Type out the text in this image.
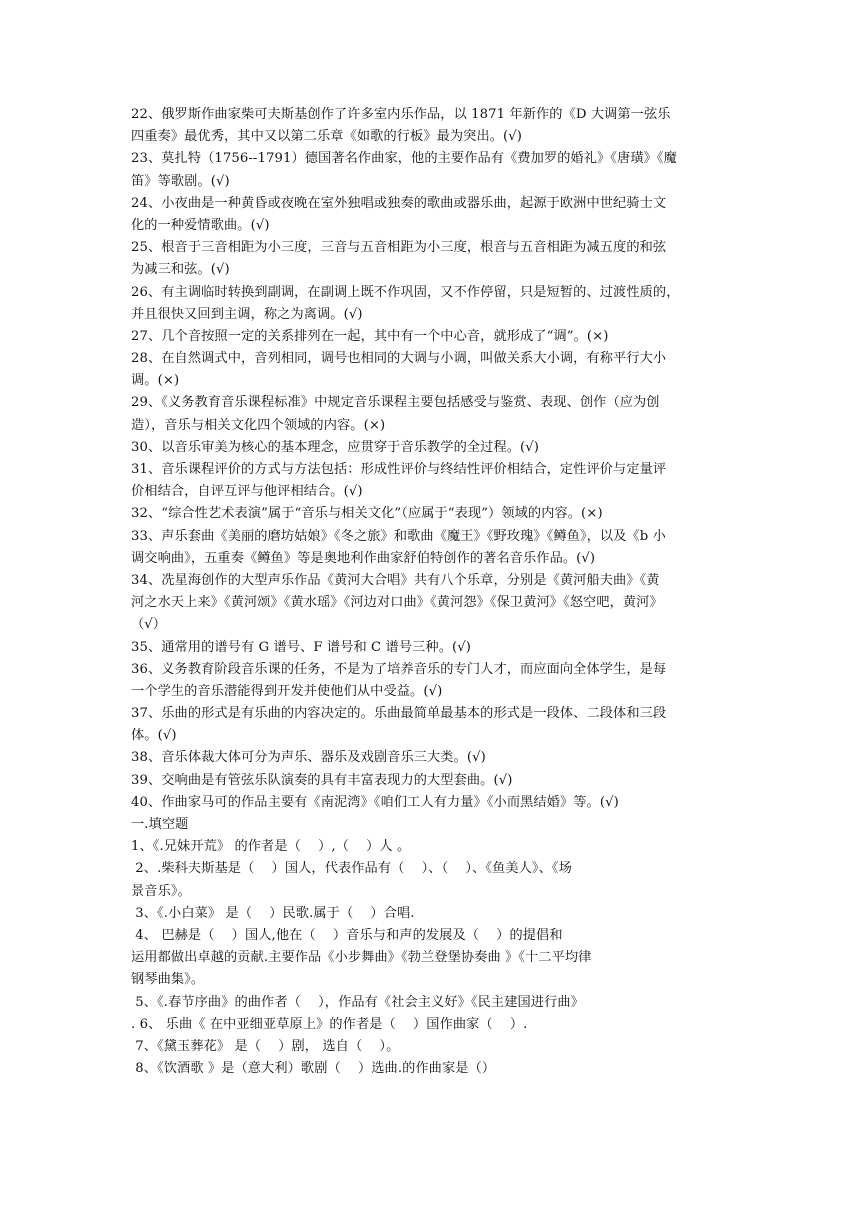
22、俄罗斯作曲家柴可夫斯基创作了许多室内乐作品，以 1871 年新作的《D 大调第一弦乐
四重奏》最优秀，其中又以第二乐章《如歌的行板》最为突出。(√)
23、莫扎特（1756--1791）德国著名作曲家，他的主要作品有《费加罗的婚礼》《唐璜》《魔
笛》等歌剧。(√)
24、小夜曲是一种黄昏或夜晚在室外独唱或独奏的歌曲或器乐曲，起源于欧洲中世纪骑士文
化的一种爱情歌曲。(√)
25、根音于三音相距为小三度，三音与五音相距为小三度，根音与五音相距为减五度的和弦
为减三和弦。(√)
26、有主调临时转换到副调，在副调上既不作巩固，又不作停留，只是短暂的、过渡性质的，
并且很快又回到主调，称之为离调。(√)
27、几个音按照一定的关系排列在一起，其中有一个中心音，就形成了“调”。(×)
28、在自然调式中，音列相同，调号也相同的大调与小调，叫做关系大小调，有称平行大小
调。(×)
29、《义务教育音乐课程标准》中规定音乐课程主要包括感受与鉴赏、表现、创作（应为创
造），音乐与相关文化四个领域的内容。(×)
30、以音乐审美为核心的基本理念，应贯穿于音乐教学的全过程。(√)
31、音乐课程评价的方式与方法包括：形成性评价与终结性评价相结合，定性评价与定量评
价相结合，自评互评与他评相结合。(√)
32、“综合性艺术表演”属于“音乐与相关文化”（应属于“表现”）领域的内容。(×)
33、声乐套曲《美丽的磨坊姑娘》《冬之旅》和歌曲《魔王》《野玫瑰》《鳟鱼》，以及《b 小
调交响曲》，五重奏《鳟鱼》等是奥地利作曲家舒伯特创作的著名音乐作品。(√)
34、冼星海创作的大型声乐作品《黄河大合唱》共有八个乐章，分别是《黄河船夫曲》《黄
河之水天上来》《黄河颂》《黄水瑶》《河边对口曲》《黄河怨》《保卫黄河》《怒空吧，黄河》
（√）
35、通常用的谱号有 G 谱号、F 谱号和 C 谱号三种。(√)
36、义务教育阶段音乐课的任务，不是为了培养音乐的专门人才，而应面向全体学生，是每
一个学生的音乐潜能得到开发并使他们从中受益。(√)
37、乐曲的形式是有乐曲的内容决定的。乐曲最简单最基本的形式是一段体、二段体和三段
体。(√)
38、音乐体裁大体可分为声乐、器乐及戏剧音乐三大类。(√)
39、交响曲是有管弦乐队演奏的具有丰富表现力的大型套曲。(√)
40、作曲家马可的作品主要有《南泥湾》《咱们工人有力量》《小而黑结婚》等。(√)
一.填空题
1、《.兄妹开荒》 的作者是（    ）,（    ）人 。
2、.柴科夫斯基是（    ）国人，代表作品有（    ）、（    ）、《鱼美人》、《场
景音乐》。
3、《.小白菜》 是（    ）民歌.属于（    ）合唱.
4、 巴赫是（    ）国人,他在（    ）音乐与和声的发展及（    ）的提倡和
运用都做出卓越的贡献.主要作品《小步舞曲》《勃兰登堡协奏曲 》《十二平均律
钢琴曲集》。
5、《.春节序曲》的曲作者（    ），作品有《社会主义好》《民主建国进行曲》
. 6、 乐曲《 在中亚细亚草原上》的作者是（    ）国作曲家（    ）.
7、《黛玉葬花》 是（    ）剧， 选自（    ）。
8、《饮酒歌 》是（意大利）歌剧（    ）选曲.的作曲家是（）
